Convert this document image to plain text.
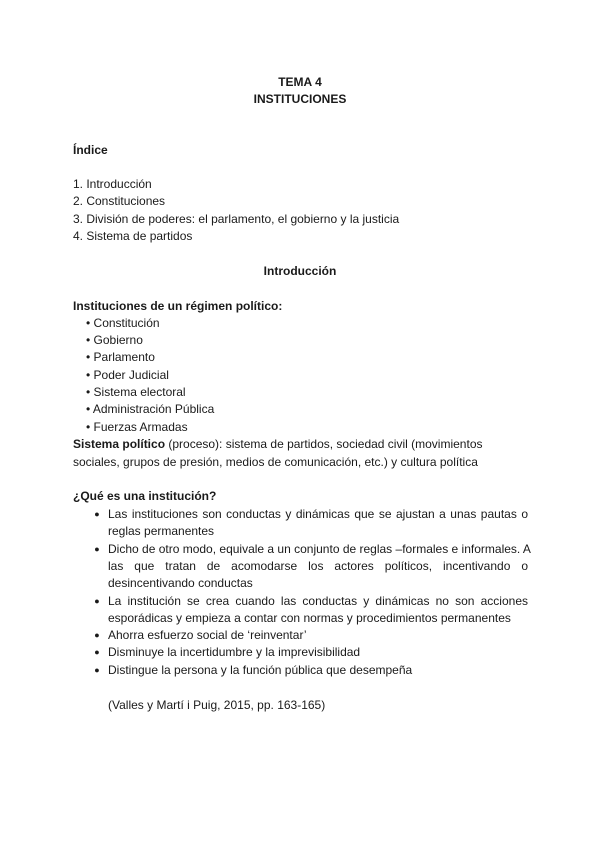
TEMA 4
INSTITUCIONES
Índice
1. Introducción
2. Constituciones
3. División de poderes: el parlamento, el gobierno y la justicia
4. Sistema de partidos
Introducción
Instituciones de un régimen político:
• Constitución
• Gobierno
• Parlamento
• Poder Judicial
• Sistema electoral
• Administración Pública
• Fuerzas Armadas
Sistema político (proceso): sistema de partidos, sociedad civil (movimientos
sociales, grupos de presión, medios de comunicación, etc.) y cultura política
¿Qué es una institución?
● Las instituciones son conductas y dinámicas que se ajustan a unas pautas o
reglas permanentes
● Dicho de otro modo, equivale a un conjunto de reglas –formales e informales. A
las que tratan de acomodarse los actores políticos, incentivando o
desincentivando conductas
● La institución se crea cuando las conductas y dinámicas no son acciones
esporádicas y empieza a contar con normas y procedimientos permanentes
● Ahorra esfuerzo social de ‘reinventar’
● Disminuye la incertidumbre y la imprevisibilidad
● Distingue la persona y la función pública que desempeña
(Valles y Martí i Puig, 2015, pp. 163-165)
